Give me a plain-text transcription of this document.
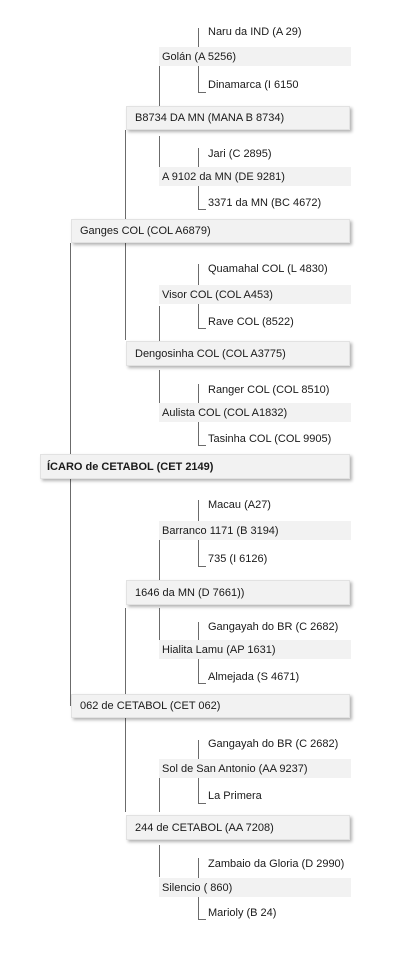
Naru da IND (A 29)
Golán (A 5256)
Dinamarca (I 6150
B8734 DA MN (MANA B 8734)
Jari (C 2895)
A 9102 da MN (DE 9281)
3371 da MN (BC 4672)
Ganges COL (COL A6879)
Quamahal COL (L 4830)
Visor COL (COL A453)
Rave COL (8522)
Dengosinha COL (COL A3775)
Ranger COL (COL 8510)
Aulista COL (COL A1832)
Tasinha COL (COL 9905)
ÍCARO de CETABOL (CET 2149)
Macau (A27)
Barranco 1171 (B 3194)
735 (I 6126)
1646 da MN (D 7661))
Gangayah do BR (C 2682)
Hialita Lamu (AP 1631)
Almejada (S 4671)
062 de CETABOL (CET 062)
Gangayah do BR (C 2682)
Sol de San Antonio (AA 9237)
La Primera
244 de CETABOL (AA 7208)
Zambaio da Gloria (D 2990)
Silencio ( 860)
Marioly (B 24)
